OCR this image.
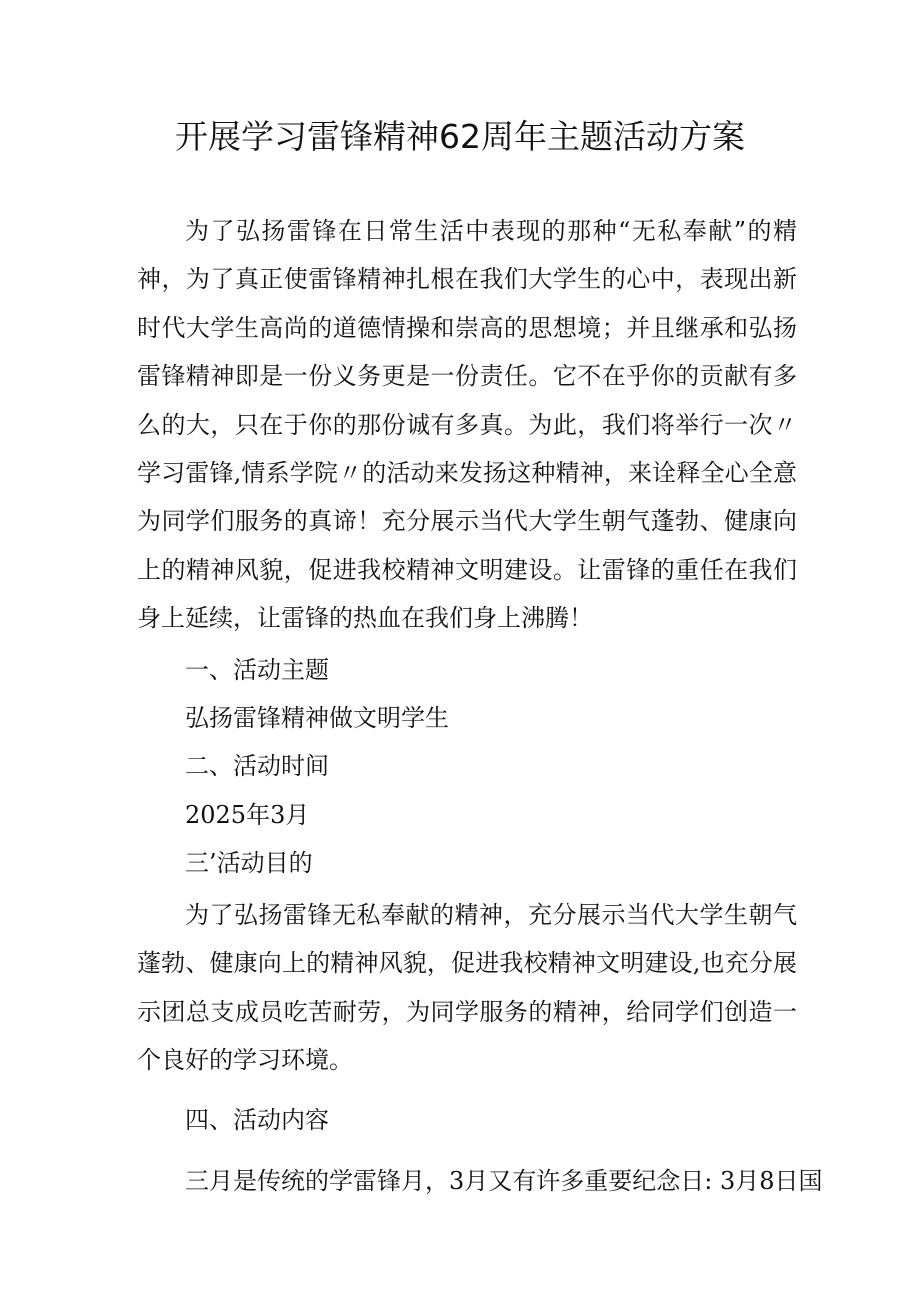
开展学习雷锋精神62周年主题活动方案

为了弘扬雷锋在日常生活中表现的那种“无私奉献”的精神，为了真正使雷锋精神扎根在我们大学生的心中，表现出新时代大学生高尚的道德情操和崇高的思想境；并且继承和弘扬雷锋精神即是一份义务更是一份责任。它不在乎你的贡献有多么的大，只在于你的那份诚有多真。为此，我们将举行一次〃学习雷锋,情系学院〃的活动来发扬这种精神，来诠释全心全意为同学们服务的真谛！充分展示当代大学生朝气蓬勃、健康向上的精神风貌，促进我校精神文明建设。让雷锋的重任在我们身上延续，让雷锋的热血在我们身上沸腾！

一、活动主题

弘扬雷锋精神做文明学生

二、活动时间

2025年3月

三’活动目的

为了弘扬雷锋无私奉献的精神，充分展示当代大学生朝气蓬勃、健康向上的精神风貌，促进我校精神文明建设,也充分展示团总支成员吃苦耐劳，为同学服务的精神，给同学们创造一个良好的学习环境。

四、活动内容

三月是传统的学雷锋月，3月又有许多重要纪念日: 3月8日国
